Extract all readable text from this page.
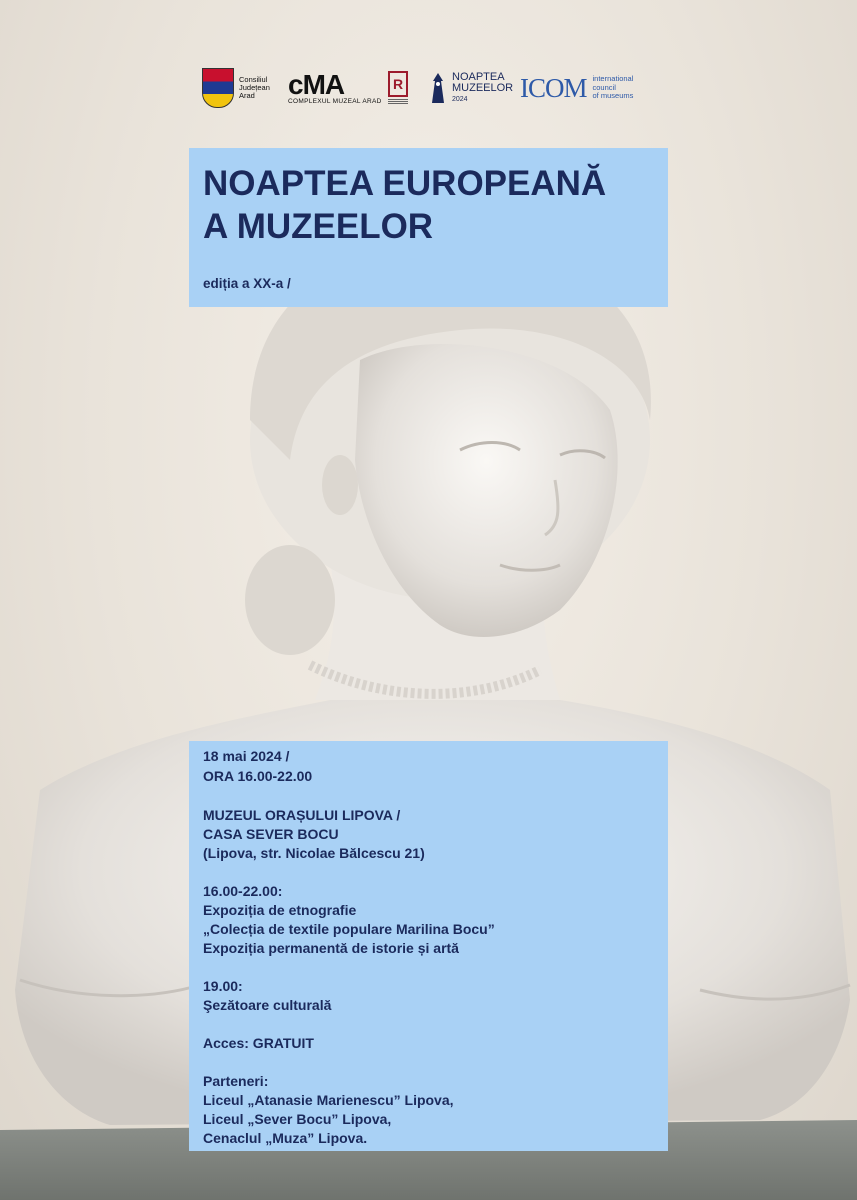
Consiliul
Județean
Arad	cMA
COMPLEXUL MUZEAL ARAD
R	NOAPTEA
MUZEELOR
2024	ICOM international
council
of museums
NOAPTEA EUROPEANĂ
A MUZEELOR
ediția a XX-a /
18 mai 2024 /
ORA 16.00-22.00
MUZEUL ORAȘULUI LIPOVA /
CASA SEVER BOCU
(Lipova, str. Nicolae Bălcescu 21)
16.00-22.00:
Expoziția de etnografie
„Colecția de textile populare Marilina Bocu”
Expoziția permanentă de istorie și artă
19.00:
Şezătoare culturală
Acces: GRATUIT
Parteneri:
Liceul „Atanasie Marienescu” Lipova,
Liceul „Sever Bocu” Lipova,
Cenaclul „Muza” Lipova.
